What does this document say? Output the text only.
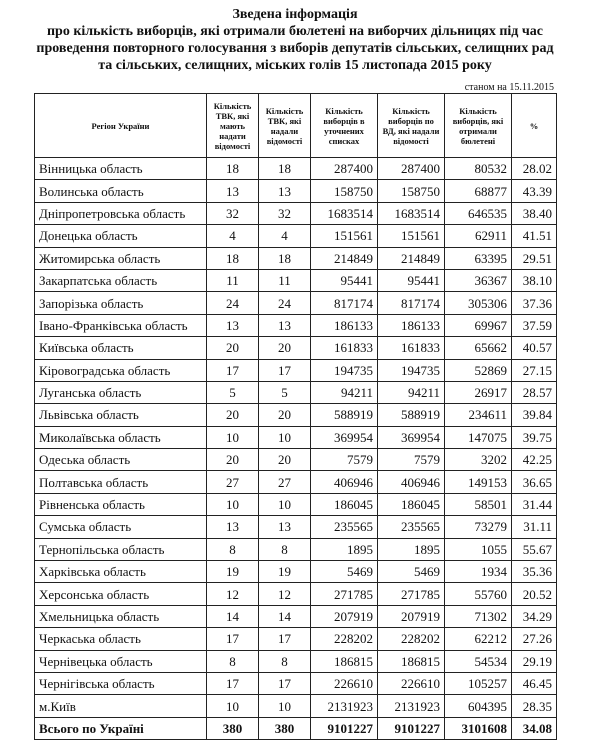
Зведена інформація
про кількість виборців, які отримали бюлетені на виборчих дільницях під час
проведення повторного голосування з виборів депутатів сільських, селищних рад
та сільських, селищних, міських голів 15 листопада 2015 року
станом на 15.11.2015
Регіон України	Кількість ТВК, які мають надати відомості	Кількість ТВК, які надали відомості	Кількість виборців в уточнених списках	Кількість виборців по ВД, які надали відомості	Кількість виборців, які отримали бюлетені	%
Вінницька область	18	18	287400	287400	80532	28.02
Волинська область	13	13	158750	158750	68877	43.39
Дніпропетровська область	32	32	1683514	1683514	646535	38.40
Донецька область	4	4	151561	151561	62911	41.51
Житомирська область	18	18	214849	214849	63395	29.51
Закарпатська область	11	11	95441	95441	36367	38.10
Запорізька область	24	24	817174	817174	305306	37.36
Івано-Франківська область	13	13	186133	186133	69967	37.59
Київська область	20	20	161833	161833	65662	40.57
Кіровоградська область	17	17	194735	194735	52869	27.15
Луганська область	5	5	94211	94211	26917	28.57
Львівська область	20	20	588919	588919	234611	39.84
Миколаївська область	10	10	369954	369954	147075	39.75
Одеська область	20	20	7579	7579	3202	42.25
Полтавська область	27	27	406946	406946	149153	36.65
Рівненська область	10	10	186045	186045	58501	31.44
Сумська область	13	13	235565	235565	73279	31.11
Тернопільська область	8	8	1895	1895	1055	55.67
Харківська область	19	19	5469	5469	1934	35.36
Херсонська область	12	12	271785	271785	55760	20.52
Хмельницька область	14	14	207919	207919	71302	34.29
Черкаська область	17	17	228202	228202	62212	27.26
Чернівецька область	8	8	186815	186815	54534	29.19
Чернігівська область	17	17	226610	226610	105257	46.45
м.Київ	10	10	2131923	2131923	604395	28.35
Всього по Україні	380	380	9101227	9101227	3101608	34.08
